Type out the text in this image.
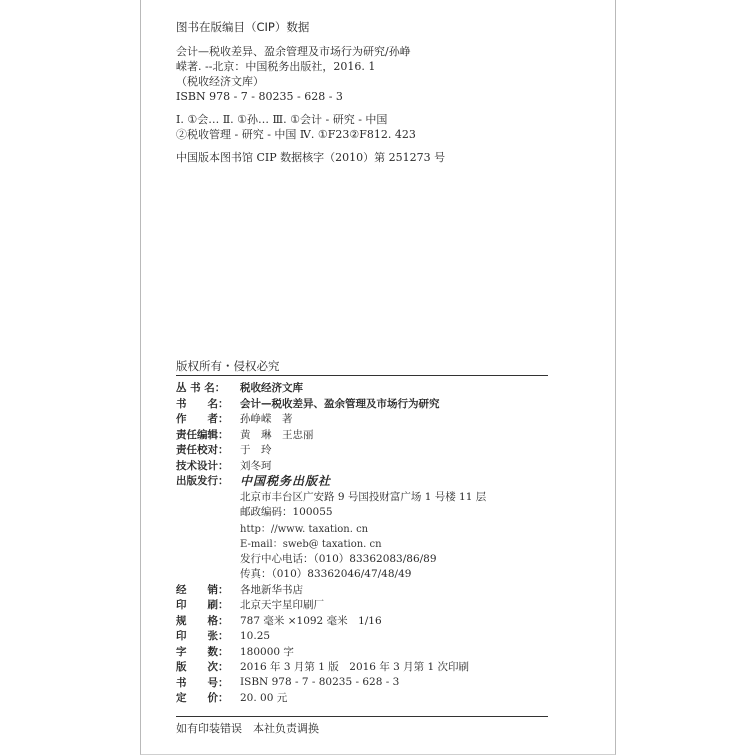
图书在版编目（CIP）数据

会计—税收差异、盈余管理及市场行为研究/孙峥

嵘著. --北京：中国税务出版社，2016. 1

（税收经济文库）

ISBN 978 - 7 - 80235 - 628 - 3

Ⅰ. ①会… Ⅱ. ①孙… Ⅲ. ①会计 - 研究 - 中国

②税收管理 - 研究 - 中国 Ⅳ. ①F23②F812. 423

中国版本图书馆 CIP 数据核字（2010）第 251273 号

版权所有・侵权必究
丛 书 名：	税收经济文库
书　　名：	会计—税收差异、盈余管理及市场行为研究
作　　者：	孙峥嵘　著
责任编辑：	黄　琳　王忠丽
责任校对：	于　玲
技术设计：	刘冬珂
出版发行： 中国税务出版社
北京市丰台区广安路 9 号国投财富广场 1 号楼 11 层
邮政编码：100055
http：//www. taxation. cn
E-mail：sweb@ taxation. cn
发行中心电话：（010）83362083/86/89
传真：（010）83362046/47/48/49
经　　销：	各地新华书店
印　　刷：	北京天宇星印刷厂
规　　格：	787 毫米 ×1092 毫米　1/16
印　　张：	10.25
字　　数：	180000 字
版　　次：	2016 年 3 月第 1 版　2016 年 3 月第 1 次印刷
书　　号：	ISBN 978 - 7 - 80235 - 628 - 3
定　　价：	20. 00 元
如有印装错误　本社负责调换
